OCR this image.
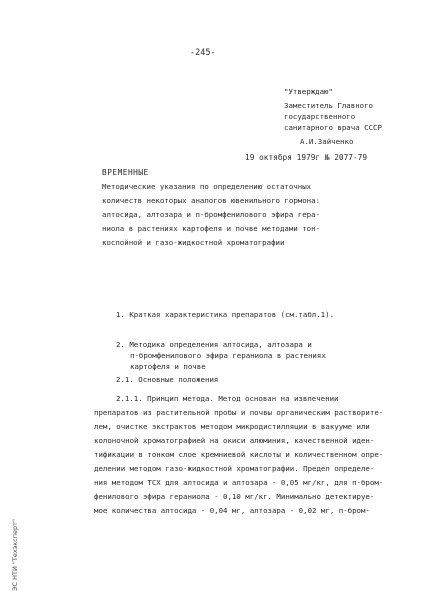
-245-
"Утверждаю"
Заместитель Главного
государственного
санитарного врача СССР
А.И.Зайченко
19 октября 1979г № 2077-79
ВРЕМЕННЫЕ
Методические указания по определению остаточных
количеств некоторых аналогов ювенильного гормона:
алтосида, алтозара и п-бромфенилового эфира гера-
ниола в растениях картофеля и почве методами тон-
кослойной и газо-жидкостной хроматографии
1. Краткая характеристика препаратов (см.табл.1).
2. Методика определения алтосида, алтозара и
п-бромфенилового эфира гераниола в растениях
картофеля и почве
2.1. Основные положения
2.1.1. Принцип метода. Метод основан на извлечении
препаратов из растительной пробы и почвы органическим растворите-
лем, очистке экстрактов методом микродистилляции в вакууме или
колоночной хроматографией на окиси алюминия, качественной иден-
тификации в тонком слое кремниевой кислоты и количественном опре-
делении методом газо-жидкостной хроматографии. Предел определе-
ния методом ТСХ для алтосида и алтозара - 0,05 мг/кг, для п-бром-
фенилового эфира гераниола - 0,10 мг/кг. Минимально детектируе-
мое количества алтосида - 0,04 мг, алтозара - 0,02 мг, п-бром-
ЭС НТИ "Техэксперт"
